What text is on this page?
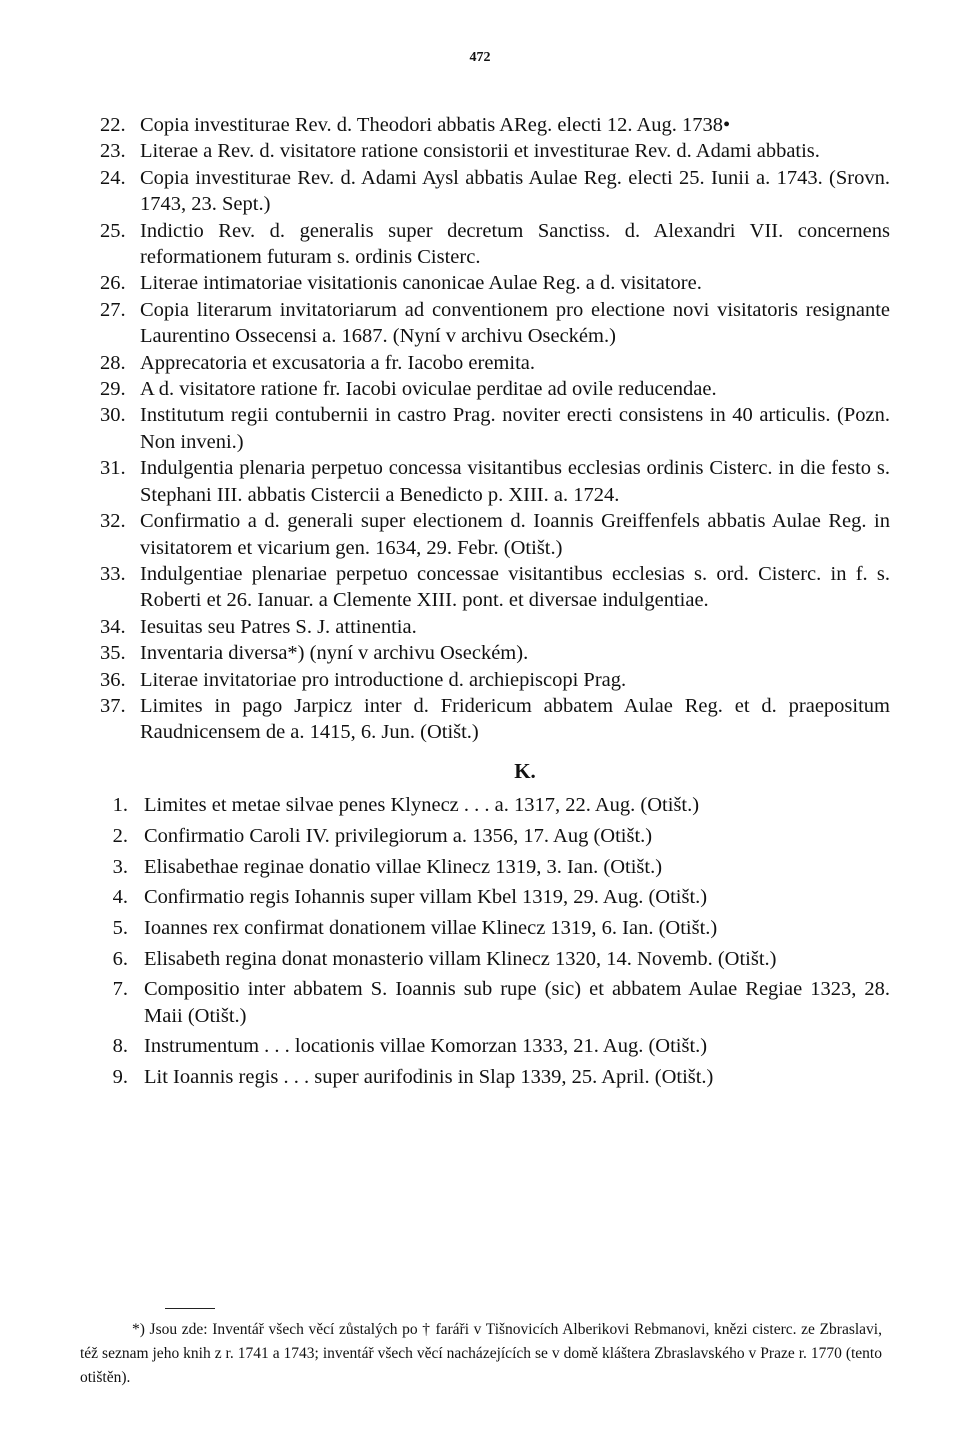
472
22. Copia investiturae Rev. d. Theodori abbatis AReg. electi 12. Aug. 1738•
23. Literae a Rev. d. visitatore ratione consistorii et investiturae Rev. d. Adami abbatis.
24. Copia investiturae Rev. d. Adami Aysl abbatis Aulae Reg. electi 25. Iunii a. 1743. (Srovn. 1743, 23. Sept.)
25. Indictio Rev. d. generalis super decretum Sanctiss. d. Alexandri VII. concernens reformationem futuram s. ordinis Cisterc.
26. Literae intimatoriae visitationis canonicae Aulae Reg. a d. visitatore.
27. Copia literarum invitatoriarum ad conventionem pro electione novi visitatoris resignante Laurentino Ossecensi a. 1687. (Nyní v archivu Oseckém.)
28. Apprecatoria et excusatoria a fr. Iacobo eremita.
29. A d. visitatore ratione fr. Iacobi oviculae perditae ad ovile reducendae.
30. Institutum regii contubernii in castro Prag. noviter erecti consistens in 40 articulis. (Pozn. Non inveni.)
31. Indulgentia plenaria perpetuo concessa visitantibus ecclesias ordinis Cisterc. in die festo s. Stephani III. abbatis Cistercii a Benedicto p. XIII. a. 1724.
32. Confirmatio a d. generali super electionem d. Ioannis Greiffenfels abbatis Aulae Reg. in visitatorem et vicarium gen. 1634, 29. Febr. (Otišt.)
33. Indulgentiae plenariae perpetuo concessae visitantibus ecclesias s. ord. Cisterc. in f. s. Roberti et 26. Ianuar. a Clemente XIII. pont. et diversae indulgentiae.
34. Iesuitas seu Patres S. J. attinentia.
35. Inventaria diversa*) (nyní v archivu Oseckém).
36. Literae invitatoriae pro introductione d. archiepiscopi Prag.
37. Limites in pago Jarpicz inter d. Fridericum abbatem Aulae Reg. et d. praepositum Raudnicensem de a. 1415, 6. Jun. (Otišt.)
K.
1. Limites et metae silvae penes Klynecz . . . a. 1317, 22. Aug. (Otišt.)
2. Confirmatio Caroli IV. privilegiorum a. 1356, 17. Aug (Otišt.)
3. Elisabethae reginae donatio villae Klinecz 1319, 3. Ian. (Otišt.)
4. Confirmatio regis Iohannis super villam Kbel 1319, 29. Aug. (Otišt.)
5. Ioannes rex confirmat donationem villae Klinecz 1319, 6. Ian. (Otišt.)
6. Elisabeth regina donat monasterio villam Klinecz 1320, 14. Novemb. (Otišt.)
7. Compositio inter abbatem S. Ioannis sub rupe (sic) et abbatem Aulae Regiae 1323, 28. Maii (Otišt.)
8. Instrumentum . . . locationis villae Komorzan 1333, 21. Aug. (Otišt.)
9. Lit Ioannis regis . . . super aurifodinis in Slap 1339, 25. April. (Otišt.)
*) Jsou zde: Inventář všech věcí zůstalých po † faráři v Tišnovicích Alberikovi Rebmanovi, knězi cisterc. ze Zbraslavi, též seznam jeho knih z r. 1741 a 1743; inventář všech věcí nacházejících se v domě kláštera Zbraslavského v Praze r. 1770 (tento otištěn).
